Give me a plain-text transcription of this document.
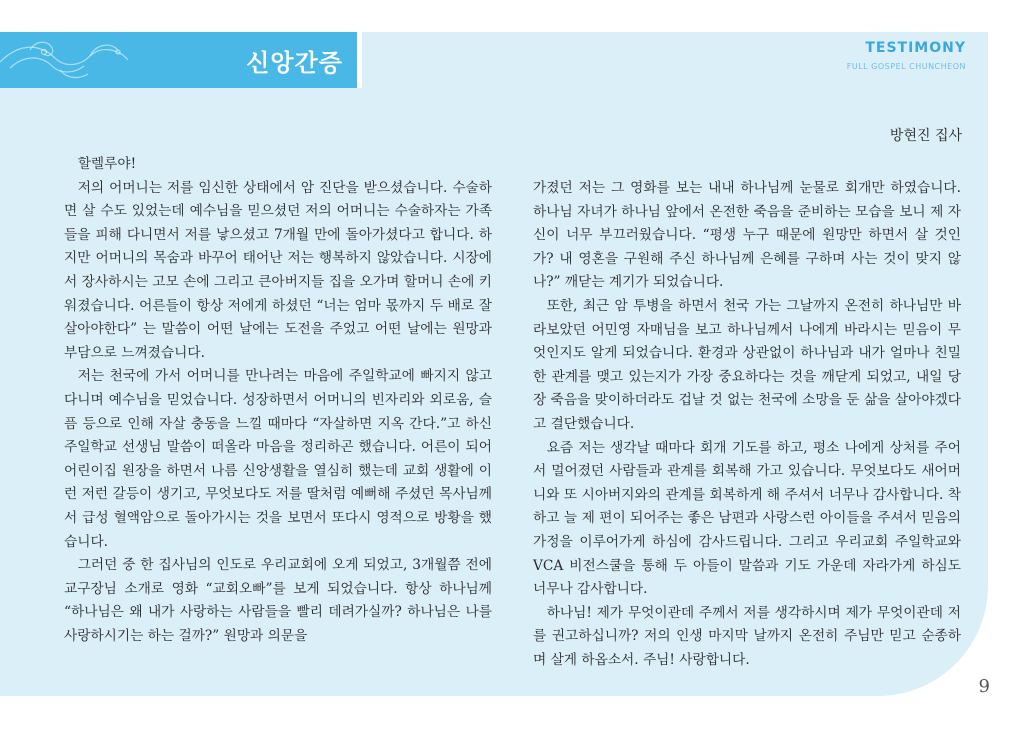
신앙간증
TESTIMONY
FULL GOSPEL CHUNCHEON
방현진 집사

할렐루야!

저의 어머니는 저를 임신한 상태에서 암 진단을 받으셨습니다. 수술하면 살 수도 있었는데 예수님을 믿으셨던 저의 어머니는 수술하자는 가족들을 피해 다니면서 저를 낳으셨고 7개월 만에 돌아가셨다고 합니다. 하지만 어머니의 목숨과 바꾸어 태어난 저는 행복하지 않았습니다. 시장에서 장사하시는 고모 손에 그리고 큰아버지들 집을 오가며 할머니 손에 키워졌습니다. 어른들이 항상 저에게 하셨던 “너는 엄마 몫까지 두 배로 잘 살아야한다” 는 말씀이 어떤 날에는 도전을 주었고 어떤 날에는 원망과 부담으로 느껴졌습니다.

저는 천국에 가서 어머니를 만나려는 마음에 주일학교에 빠지지 않고 다니며 예수님을 믿었습니다. 성장하면서 어머니의 빈자리와 외로움, 슬픔 등으로 인해 자살 충동을 느낄 때마다 “자살하면 지옥 간다.”고 하신 주일학교 선생님 말씀이 떠올라 마음을 정리하곤 했습니다. 어른이 되어 어린이집 원장을 하면서 나름 신앙생활을 열심히 했는데 교회 생활에 이런 저런 갈등이 생기고, 무엇보다도 저를 딸처럼 예뻐해 주셨던 목사님께서 급성 혈액암으로 돌아가시는 것을 보면서 또다시 영적으로 방황을 했습니다.

그러던 중 한 집사님의 인도로 우리교회에 오게 되었고, 3개월쯤 전에 교구장님 소개로 영화 “교회오빠”를 보게 되었습니다. 항상 하나님께 “하나님은 왜 내가 사랑하는 사람들을 빨리 데려가실까? 하나님은 나를 사랑하시기는 하는 걸까?” 원망과 의문을

가졌던 저는 그 영화를 보는 내내 하나님께 눈물로 회개만 하였습니다. 하나님 자녀가 하나님 앞에서 온전한 죽음을 준비하는 모습을 보니 제 자신이 너무 부끄러웠습니다. “평생 누구 때문에 원망만 하면서 살 것인가? 내 영혼을 구원해 주신 하나님께 은혜를 구하며 사는 것이 맞지 않나?” 깨닫는 계기가 되었습니다.

또한, 최근 암 투병을 하면서 천국 가는 그날까지 온전히 하나님만 바라보았던 어민영 자매님을 보고 하나님께서 나에게 바라시는 믿음이 무엇인지도 알게 되었습니다. 환경과 상관없이 하나님과 내가 얼마나 친밀한 관계를 맺고 있는지가 가장 중요하다는 것을 깨닫게 되었고, 내일 당장 죽음을 맞이하더라도 겁날 것 없는 천국에 소망을 둔 삶을 살아야겠다고 결단했습니다.

요즘 저는 생각날 때마다 회개 기도를 하고, 평소 나에게 상처를 주어서 멀어졌던 사람들과 관계를 회복해 가고 있습니다. 무엇보다도 새어머니와 또 시아버지와의 관계를 회복하게 해 주셔서 너무나 감사합니다. 착하고 늘 제 편이 되어주는 좋은 남편과 사랑스런 아이들을 주셔서 믿음의 가정을 이루어가게 하심에 감사드립니다. 그리고 우리교회 주일학교와 VCA 비전스쿨을 통해 두 아들이 말씀과 기도 가운데 자라가게 하심도 너무나 감사합니다.

하나님! 제가 무엇이관데 주께서 저를 생각하시며 제가 무엇이관데 저를 권고하십니까? 저의 인생 마지막 날까지 온전히 주님만 믿고 순종하며 살게 하옵소서. 주님! 사랑합니다.

9
